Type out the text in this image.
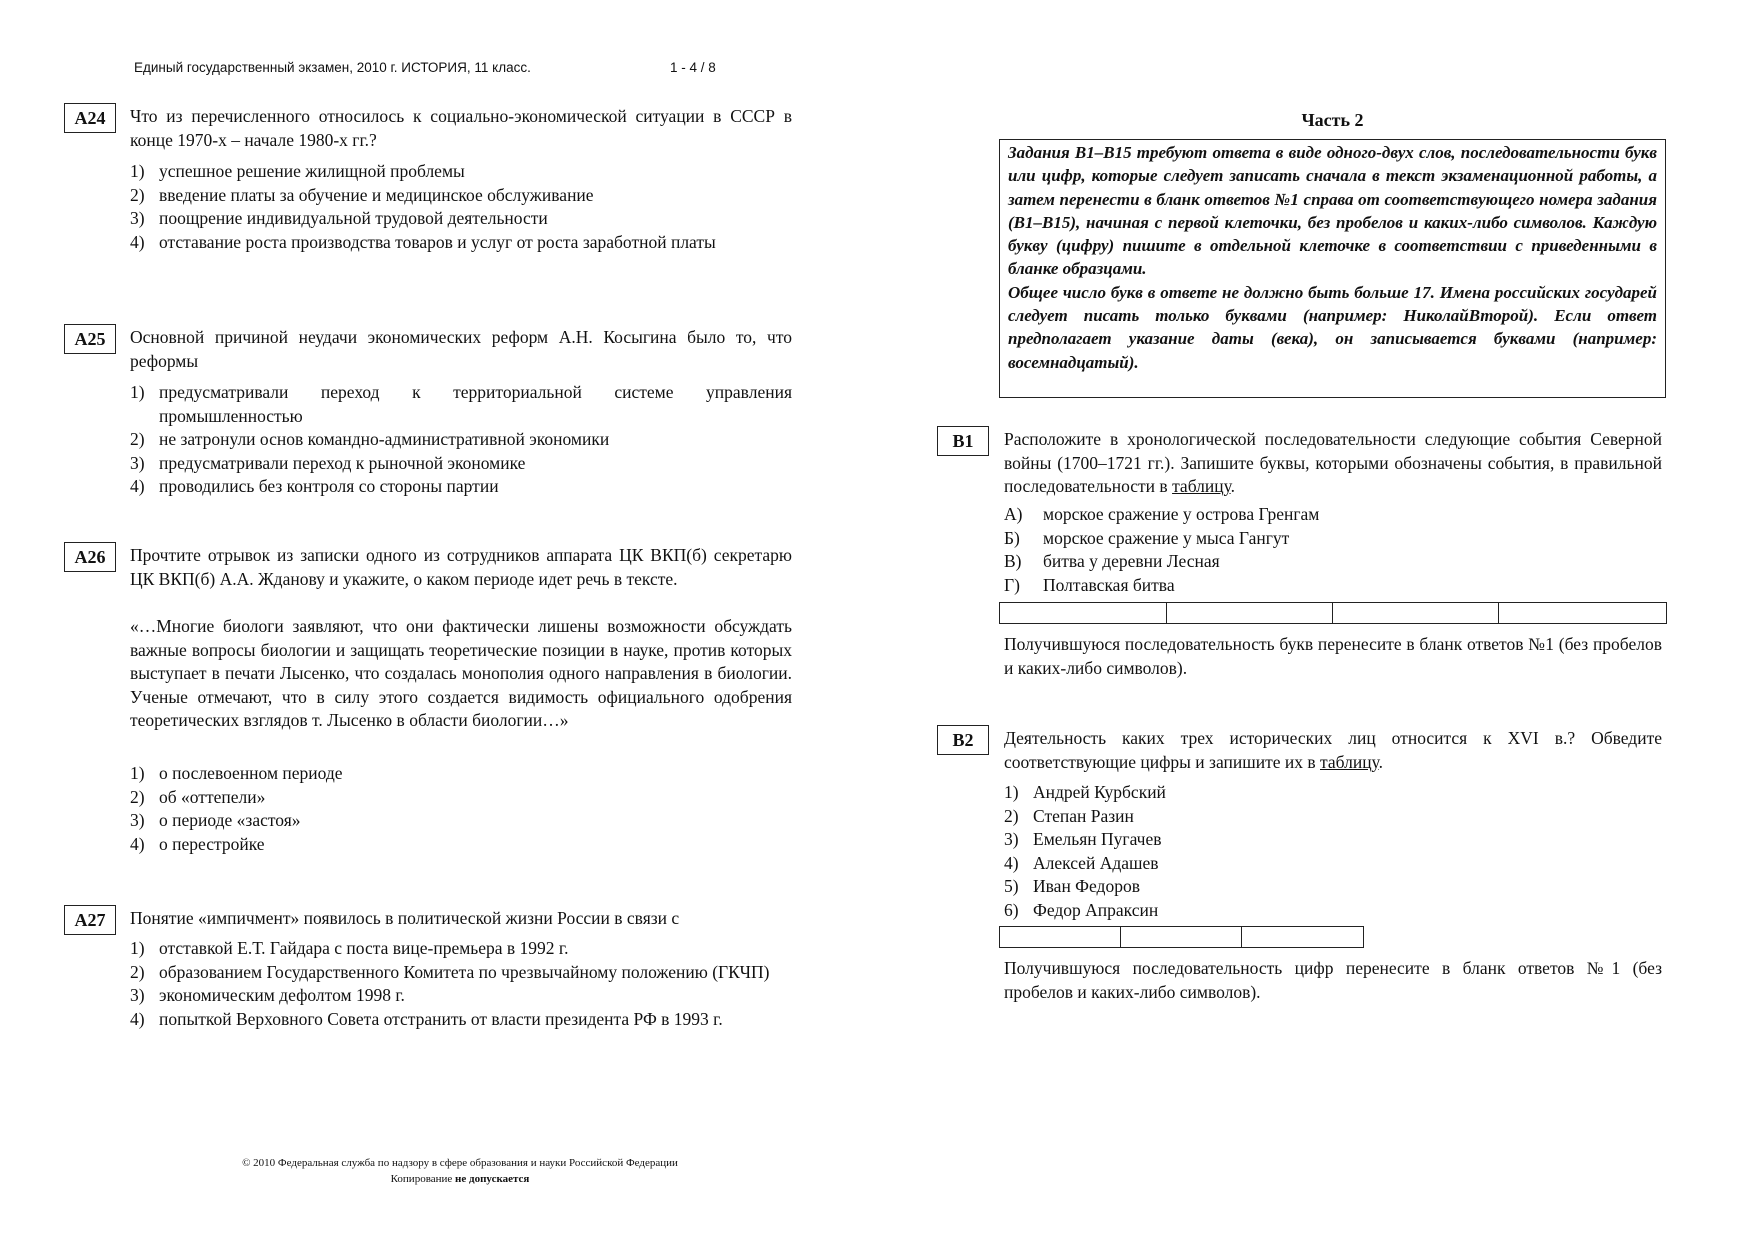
Единый государственный экзамен, 2010 г. ИСТОРИЯ, 11 класс.	1 - 4 / 8
A24	Что из перечисленного относилось к социально-экономической ситуации в СССР в конце 1970-х – начале 1980-х гг.?
1) успешное решение жилищной проблемы
2) введение платы за обучение и медицинское обслуживание
3) поощрение индивидуальной трудовой деятельности
4) отставание роста производства товаров и услуг от роста заработной платы
A25	Основной причиной неудачи экономических реформ А.Н. Косыгина было то, что реформы
1) предусматривали переход к территориальной системе управления промышленностью
2) не затронули основ командно-административной экономики
3) предусматривали переход к рыночной экономике
4) проводились без контроля со стороны партии
A26	Прочтите отрывок из записки одного из сотрудников аппарата ЦК ВКП(б) секретарю ЦК ВКП(б) А.А. Жданову и укажите, о каком периоде идет речь в тексте.
«…Многие биологи заявляют, что они фактически лишены возможности обсуждать важные вопросы биологии и защищать теоретические позиции в науке, против которых выступает в печати Лысенко, что создалась монополия одного направления в биологии. Ученые отмечают, что в силу этого создается видимость официального одобрения теоретических взглядов т. Лысенко в области биологии…»
1) о послевоенном периоде
2) об «оттепели»
3) о периоде «застоя»
4) о перестройке
A27	Понятие «импичмент» появилось в политической жизни России в связи с
1) отставкой Е.Т. Гайдара с поста вице-премьера в 1992 г.
2) образованием Государственного Комитета по чрезвычайному положению (ГКЧП)
3) экономическим дефолтом 1998 г.
4) попыткой Верховного Совета отстранить от власти президента РФ в 1993 г.
Часть 2

Задания В1–В15 требуют ответа в виде одного-двух слов, последовательности букв или цифр, которые следует записать сначала в текст экзаменационной работы, а затем перенести в бланк ответов №1 справа от соответствующего номера задания (В1–В15), начиная с первой клеточки, без пробелов и каких-либо символов. Каждую букву (цифру) пишите в отдельной клеточке в соответствии с приведенными в бланке образцами.

Общее число букв в ответе не должно быть больше 17. Имена российских государей следует писать только буквами (например: НиколайВторой). Если ответ предполагает указание даты (века), он записывается буквами (например: восемнадцатый).

B1	Расположите в хронологической последовательности следующие события Северной войны (1700–1721 гг.). Запишите буквы, которыми обозначены события, в правильной последовательности в таблицу.
А) морское сражение у острова Гренгам
Б) морское сражение у мыса Гангут
В) битва у деревни Лесная
Г) Полтавская битва
Получившуюся последовательность букв перенесите в бланк ответов №1 (без пробелов и каких-либо символов).
B2	Деятельность каких трех исторических лиц относится к XVI в.? Обведите соответствующие цифры и запишите их в таблицу.
1) Андрей Курбский
2) Степан Разин
3) Емельян Пугачев
4) Алексей Адашев
5) Иван Федоров
6) Федор Апраксин
Получившуюся последовательность цифр перенесите в бланк ответов №1 (без пробелов и каких-либо символов).
© 2010 Федеральная служба по надзору в сфере образования и науки Российской Федерации
Копирование не допускается
